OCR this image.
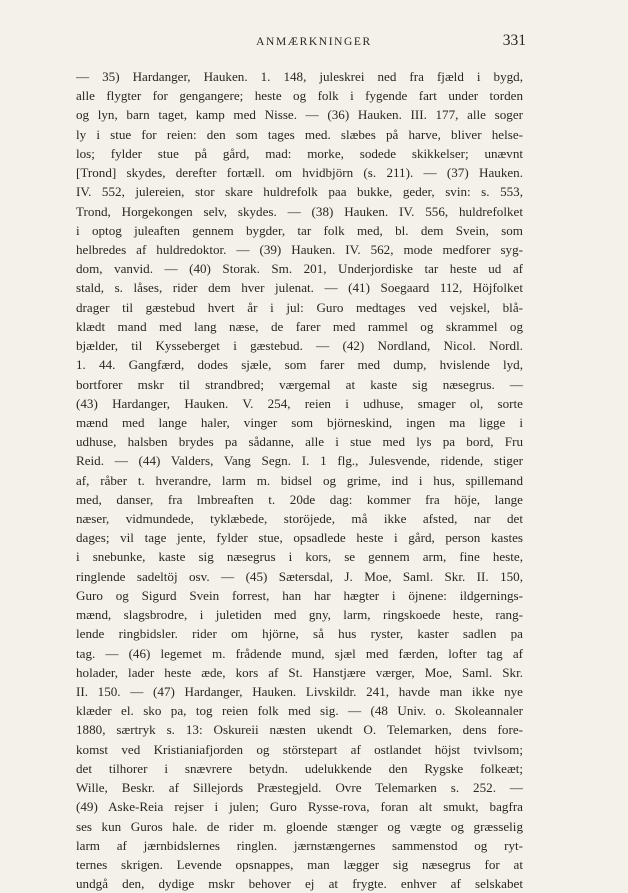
ANMÆRKNINGER	331
— 35) Hardanger, Hauken. 1. 148, juleskrei ned fra fjæld i bygd,
alle flygter for gengangere; heste og folk i fygende fart under torden
og lyn, barn taget, kamp med Nisse. — (36) Hauken. III. 177, alle soger
ly i stue for reien: den som tages med. slæbes på harve, bliver helse-
los; fylder stue på gård, mad: morke, sodede skikkelser; unævnt
[Trond] skydes, derefter fortæll. om hvidbjörn (s. 211). — (37) Hauken.
IV. 552, julereien, stor skare huldrefolk paa bukke, geder, svin: s. 553,
Trond, Horgekongen selv, skydes. — (38) Hauken. IV. 556, huldrefolket
i optog juleaften gennem bygder, tar folk med, bl. dem Svein, som
helbredes af huldredoktor. — (39) Hauken. IV. 562, mode medforer syg-
dom, vanvid. — (40) Storak. Sm. 201, Underjordiske tar heste ud af
stald, s. låses, rider dem hver julenat. — (41) Soegaard 112, Höjfolket
drager til gæstebud hvert år i jul: Guro medtages ved vejskel, blå-
klædt mand med lang næse, de farer med rammel og skrammel og
bjælder, til Kysseberget i gæstebud. — (42) Nordland, Nicol. Nordl.
1. 44. Gangfærd, dodes sjæle, som farer med dump, hvislende lyd,
bortforer mskr til strandbred; værgemal at kaste sig næsegrus. —
(43) Hardanger, Hauken. V. 254, reien i udhuse, smager ol, sorte
mænd med lange haler, vinger som björneskind, ingen ma ligge i
udhuse, halsben brydes pa sådanne, alle i stue med lys pa bord, Fru
Reid. — (44) Valders, Vang Segn. I. 1 flg., Julesvende, ridende, stiger
af, råber t. hverandre, larm m. bidsel og grime, ind i hus, spillemand
med, danser, fra lmbreaften t. 20de dag: kommer fra höje, lange
næser, vidmundede, tyklæbede, storöjede, må ikke afsted, nar det
dages; vil tage jente, fylder stue, opsadlede heste i gård, person kastes
i snebunke, kaste sig næsegrus i kors, se gennem arm, fine heste,
ringlende sadeltöj osv. — (45) Sætersdal, J. Moe, Saml. Skr. II. 150,
Guro og Sigurd Svein forrest, han har hægter i öjnene: ildgernings-
mænd, slagsbrodre, i juletiden med gny, larm, ringskoede heste, rang-
lende ringbidsler. rider om hjörne, så hus ryster, kaster sadlen pa
tag. — (46) legemet m. frådende mund, sjæl med færden, lofter tag af
holader, lader heste æde, kors af St. Hanstjære værger, Moe, Saml. Skr.
II. 150. — (47) Hardanger, Hauken. Livskildr. 241, havde man ikke nye
klæder el. sko pa, tog reien folk med sig. — (48 Univ. o. Skoleannaler
1880, særtryk s. 13: Oskureii næsten ukendt O. Telemarken, dens fore-
komst ved Kristianiafjorden og störstepart af ostlandet höjst tvivlsom;
det tilhorer i snævrere betydn. udelukkende den Rygske folkeæt;
Wille, Beskr. af Sillejords Præstegjeld. Ovre Telemarken s. 252. —
(49) Aske-Reia rejser i julen; Guro Rysse-rova, foran alt smukt, bagfra
ses kun Guros hale. de rider m. gloende stænger og vægte og græsselig
larm af jærnbidslernes ringlen. jærnstængernes sammenstod og ryt-
ternes skrigen. Levende opsnappes, man lægger sig næsegrus for at
undgå den, dydige mskr behover ej at frygte. enhver af selskabet
